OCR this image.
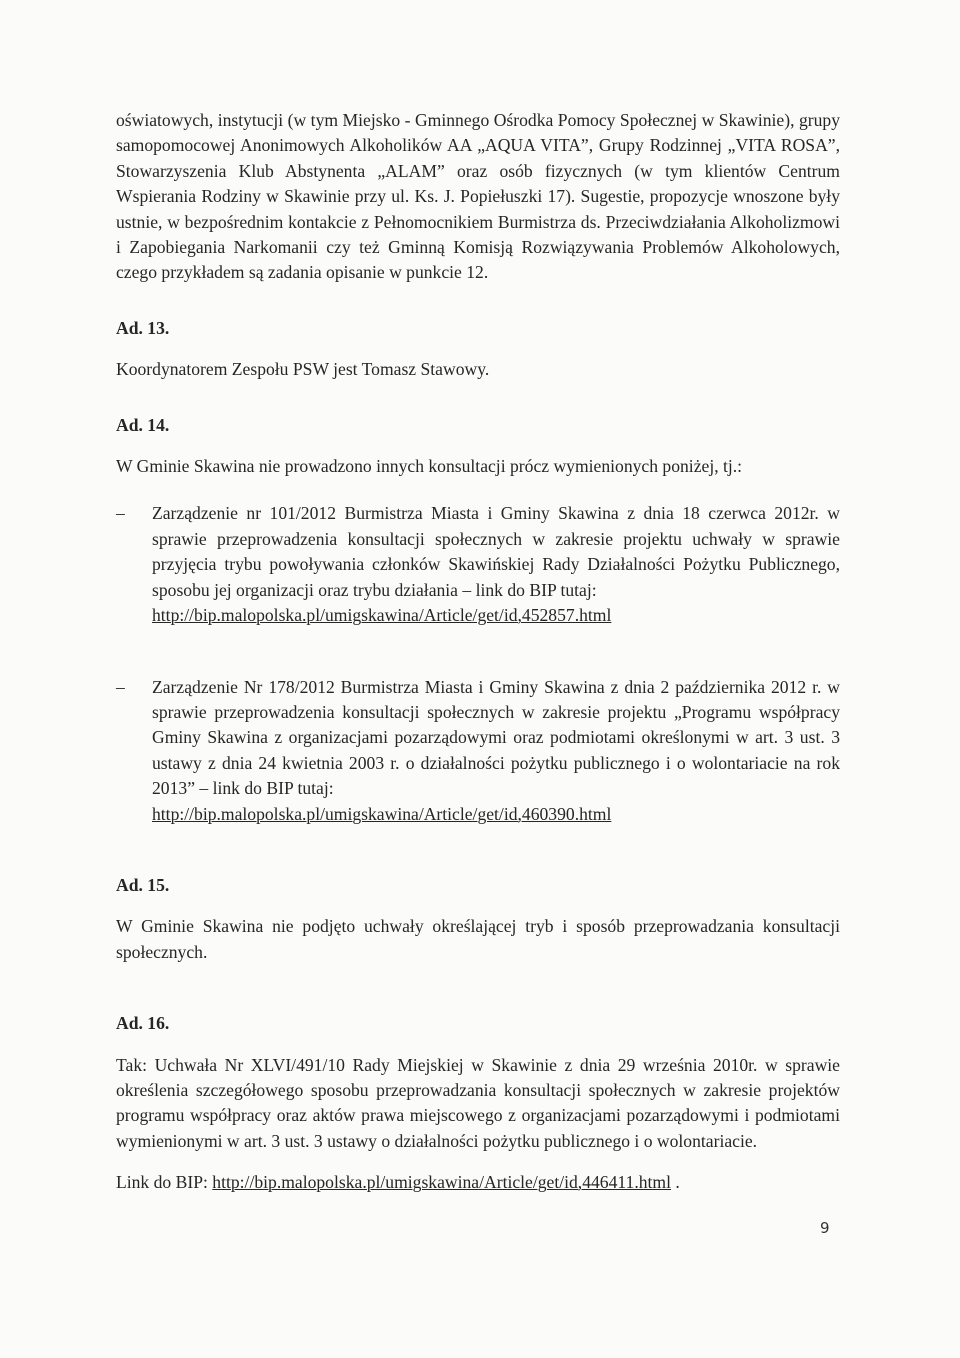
oświatowych, instytucji (w tym Miejsko - Gminnego Ośrodka Pomocy Społecznej w Skawinie), grupy samopomocowej Anonimowych Alkoholików AA „AQUA VITA”, Grupy Rodzinnej „VITA ROSA”, Stowarzyszenia Klub Abstynenta „ALAM” oraz osób fizycznych (w tym klientów Centrum Wspierania Rodziny w Skawinie przy ul. Ks. J. Popiełuszki 17). Sugestie, propozycje wnoszone były ustnie, w bezpośrednim kontakcie z Pełnomocnikiem Burmistrza ds. Przeciwdziałania Alkoholizmowi i Zapobiegania Narkomanii czy też Gminną Komisją Rozwiązywania Problemów Alkoholowych, czego przykładem są zadania opisanie w punkcie 12.

Ad. 13.

Koordynatorem Zespołu PSW jest Tomasz Stawowy.

Ad. 14.

W Gminie Skawina nie prowadzono innych konsultacji prócz wymienionych poniżej, tj.:

– Zarządzenie nr 101/2012 Burmistrza Miasta i Gminy Skawina z dnia 18 czerwca 2012r. w sprawie przeprowadzenia konsultacji społecznych w zakresie projektu uchwały w sprawie przyjęcia trybu powoływania członków Skawińskiej Rady Działalności Pożytku Publicznego, sposobu jej organizacji oraz trybu działania – link do BIP tutaj:
http://bip.malopolska.pl/umigskawina/Article/get/id,452857.html
– Zarządzenie Nr 178/2012 Burmistrza Miasta i Gminy Skawina z dnia 2 października 2012 r. w sprawie przeprowadzenia konsultacji społecznych w zakresie projektu „Programu współpracy Gminy Skawina z organizacjami pozarządowymi oraz podmiotami określonymi w art. 3 ust. 3 ustawy z dnia 24 kwietnia 2003 r. o działalności pożytku publicznego i o wolontariacie na rok 2013” – link do BIP tutaj:
http://bip.malopolska.pl/umigskawina/Article/get/id,460390.html

Ad. 15.

W Gminie Skawina nie podjęto uchwały określającej tryb i sposób przeprowadzania konsultacji społecznych.

Ad. 16.

Tak: Uchwała Nr XLVI/491/10 Rady Miejskiej w Skawinie z dnia 29 września 2010r. w sprawie określenia szczegółowego sposobu przeprowadzania konsultacji społecznych w zakresie projektów programu współpracy oraz aktów prawa miejscowego z organizacjami pozarządowymi i podmiotami wymienionymi w art. 3 ust. 3 ustawy o działalności pożytku publicznego i o wolontariacie.

Link do BIP: http://bip.malopolska.pl/umigskawina/Article/get/id,446411.html .

9
